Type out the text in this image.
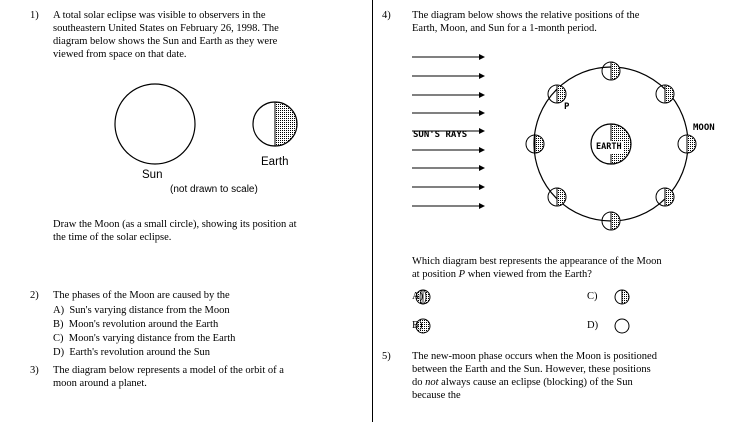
1) A total solar eclipse was visible to observers in the
southeastern United States on February 26, 1998. The
diagram below shows the Sun and Earth as they were
viewed from space on that date.
Sun
Earth
(not drawn to scale)
Draw the Moon (as a small circle), showing its position at
the time of the solar eclipse.
2) The phases of the Moon are caused by the
A) Sun's varying distance from the Moon
B) Moon's revolution around the Earth
C) Moon's varying distance from the Earth
D) Earth's revolution around the Sun
3) The diagram below represents a model of the orbit of a
moon around a planet.
4) The diagram below shows the relative positions of the
Earth, Moon, and Sun for a 1-month period.
SUN'S RAYS
EARTH
MOON
P
Which diagram best represents the appearance of the Moon
at position P when viewed from the Earth?
A)
B)
C)
D)
5) The new-moon phase occurs when the Moon is positioned
between the Earth and the Sun. However, these positions
do not always cause an eclipse (blocking) of the Sun
because the
